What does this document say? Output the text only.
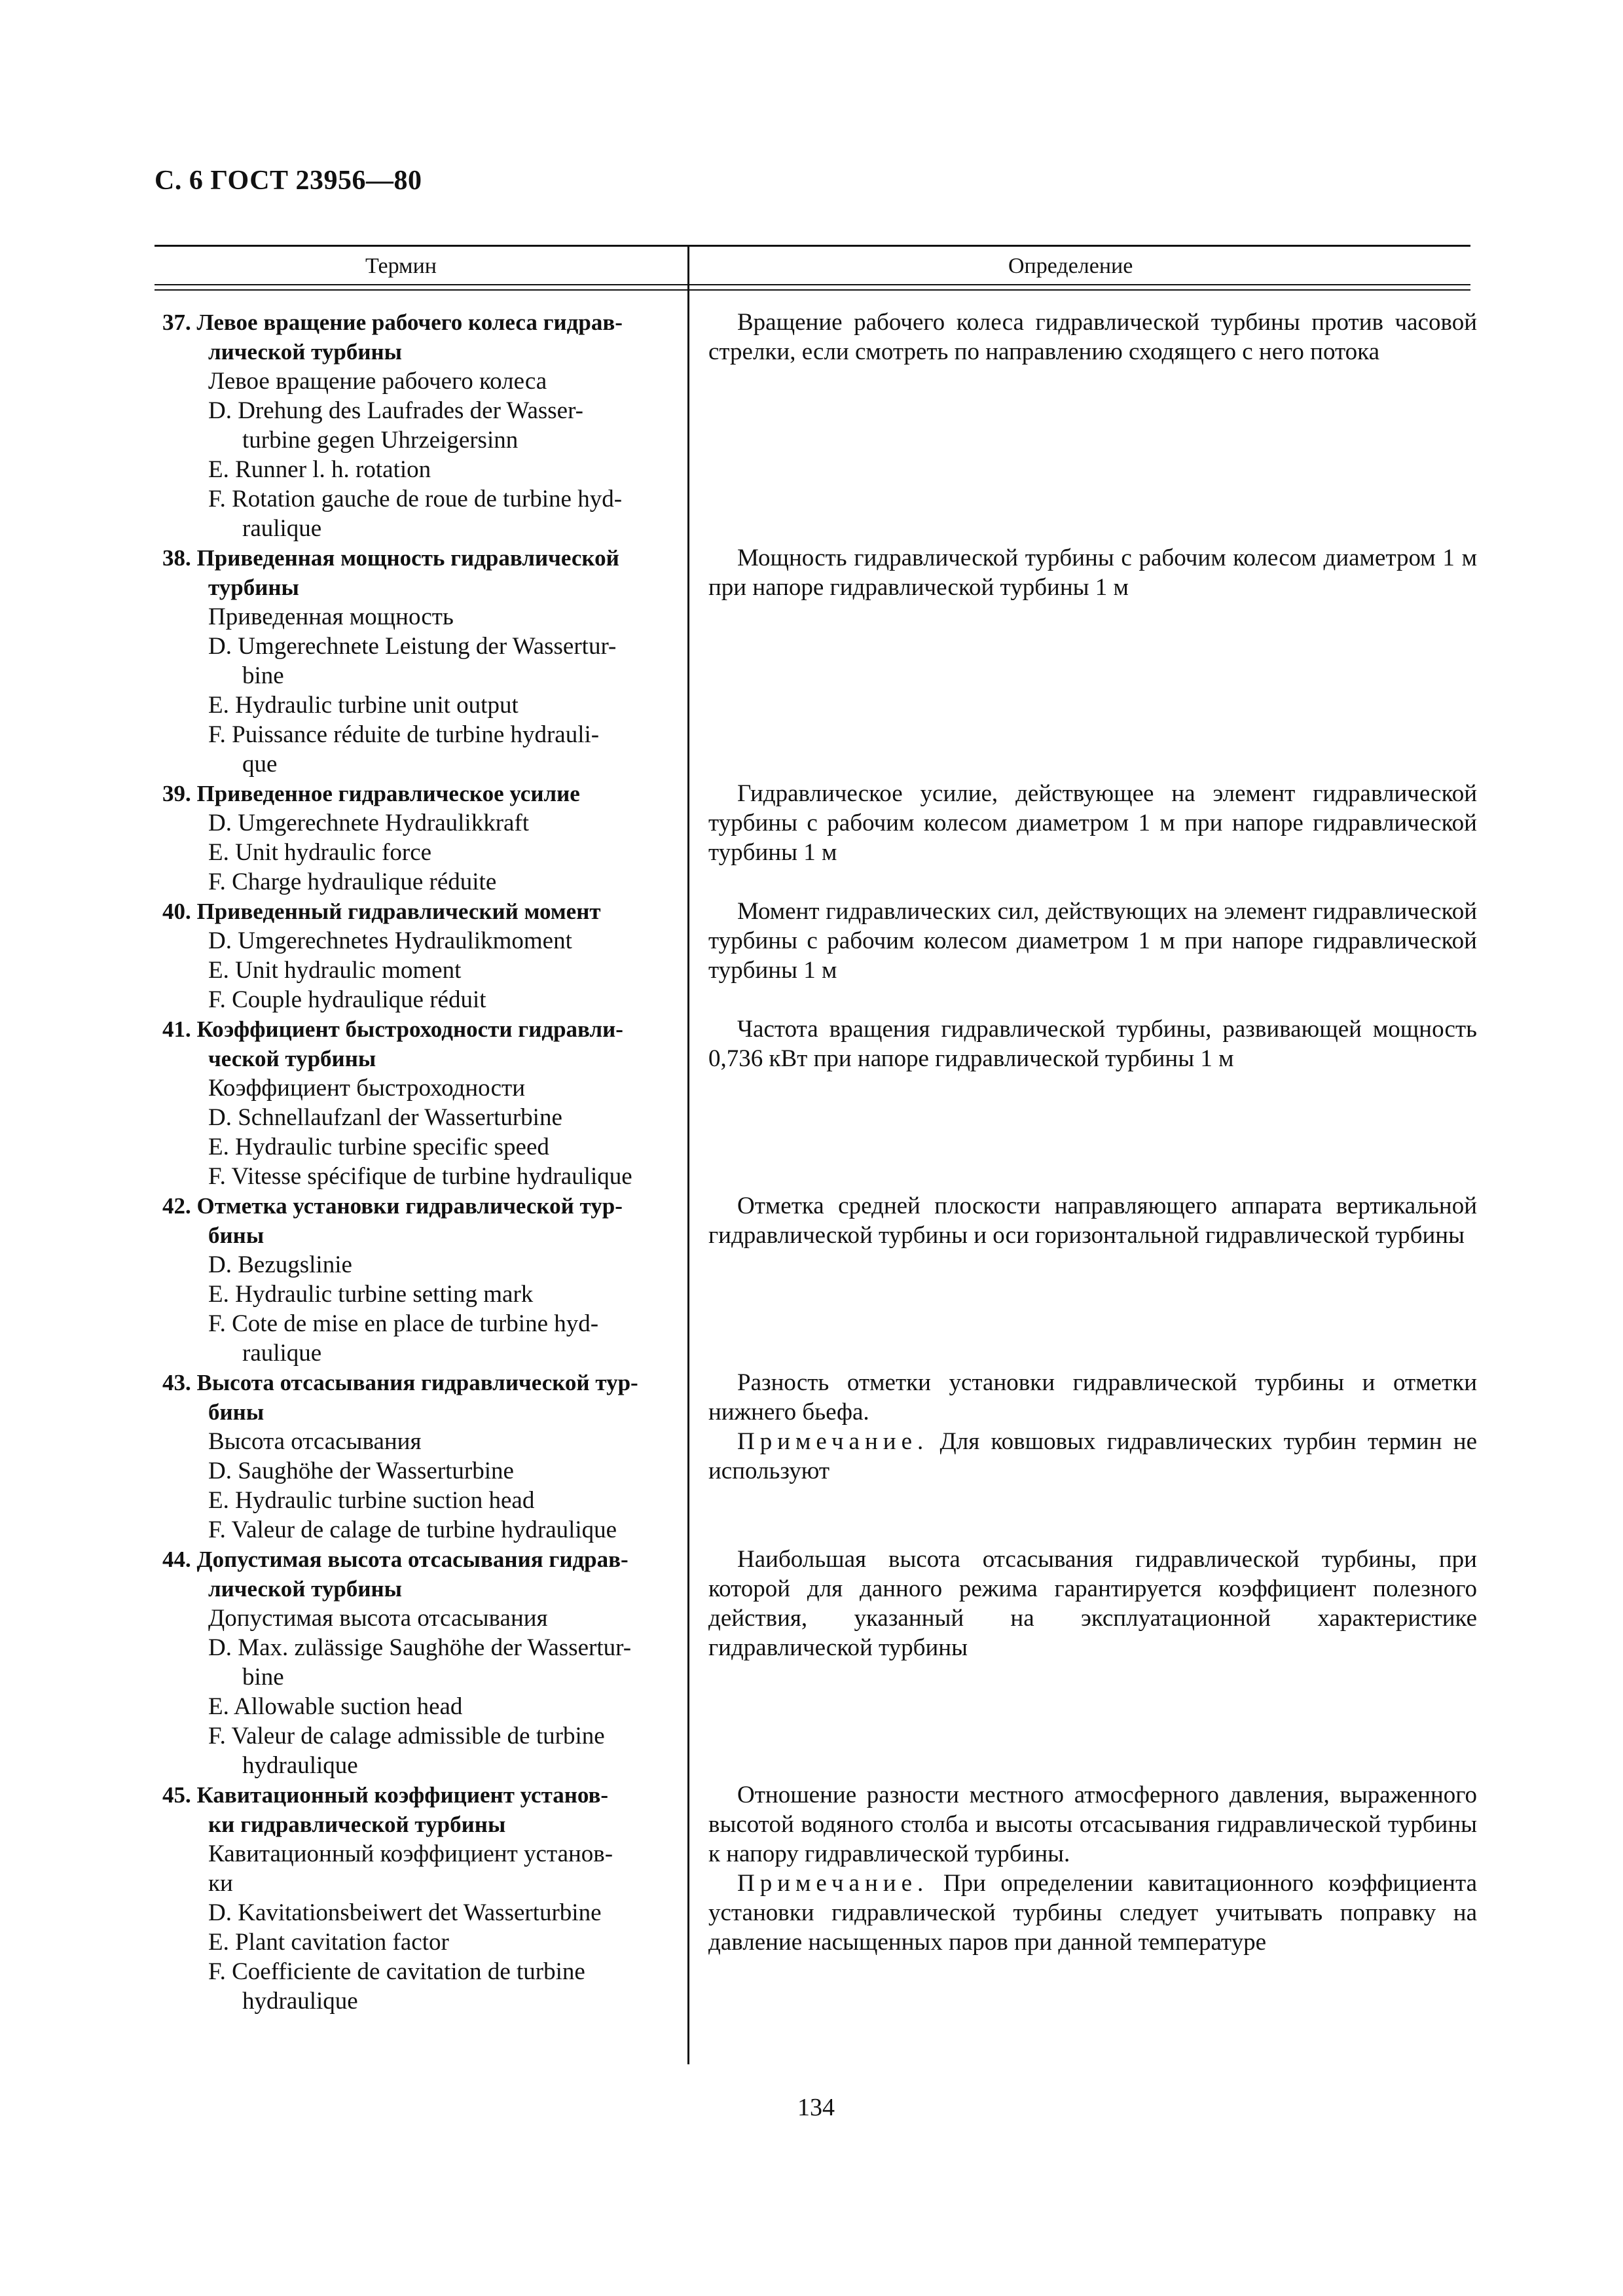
С. 6 ГОСТ 23956—80
Термин	Определение
37. Левое вращение рабочего колеса гидрав-
лической турбины
Левое вращение рабочего колеса
D. Drehung des Laufrades der Wasser-
turbine gegen Uhrzeigersinn
E. Runner l. h. rotation
F. Rotation gauche de roue de turbine hyd-
raulique
38. Приведенная мощность гидравлической
турбины
Приведенная мощность
D. Umgerechnete Leistung der Wassertur-
bine
E. Hydraulic turbine unit output
F. Puissance réduite de turbine hydrauli-
que
39. Приведенное гидравлическое усилие
D. Umgerechnete Hydraulikkraft
E. Unit hydraulic force
F. Charge hydraulique réduite
40. Приведенный гидравлический момент
D. Umgerechnetes Hydraulikmoment
E. Unit hydraulic moment
F. Couple hydraulique réduit
41. Коэффициент быстроходности гидравли-
ческой турбины
Коэффициент быстроходности
D. Schnellaufzanl der Wasserturbine
E. Hydraulic turbine specific speed
F. Vitesse spécifique de turbine hydraulique
42. Отметка установки гидравлической тур-
бины
D. Bezugslinie
E. Hydraulic turbine setting mark
F. Cote de mise en place de turbine hyd-
raulique
43. Высота отсасывания гидравлической тур-
бины
Высота отсасывания
D. Saughöhe der Wasserturbine
E. Hydraulic turbine suction head
F. Valeur de calage de turbine hydraulique
44. Допустимая высота отсасывания гидрав-
лической турбины
Допустимая высота отсасывания
D. Max. zulässige Saughöhe der Wassertur-
bine
E. Allowable suction head
F. Valeur de calage admissible de turbine
hydraulique
45. Кавитационный коэффициент установ-
ки гидравлической турбины
Кавитационный коэффициент установ-
ки
D. Kavitationsbeiwert det Wasserturbine
E. Plant cavitation factor
F. Coefficiente de cavitation de turbine
hydraulique
Вращение рабочего колеса гидравлической турбины против часовой стрелки, если смотреть по направлению сходящего с него потока
Мощность гидравлической турбины с рабочим колесом диаметром 1 м при напоре гидравлической турбины 1 м
Гидравлическое усилие, действующее на элемент гидравлической турбины с рабочим колесом диаметром 1 м при напоре гидравлической турбины 1 м
Момент гидравлических сил, действующих на элемент гидравлической турбины с рабочим колесом диаметром 1 м при напоре гидравлической турбины 1 м
Частота вращения гидравлической турбины, развивающей мощность 0,736 кВт при напоре гидравлической турбины 1 м
Отметка средней плоскости направляющего аппарата вертикальной гидравлической турбины и оси горизонтальной гидравлической турбины
Разность отметки установки гидравлической турбины и отметки нижнего бьефа.
Примечание. Для ковшовых гидравлических турбин термин не используют
Наибольшая высота отсасывания гидравлической турбины, при которой для данного режима гарантируется коэффициент полезного действия, указанный на эксплуатационной характеристике гидравлической турбины
Отношение разности местного атмосферного давления, выраженного высотой водяного столба и высоты отсасывания гидравлической турбины к напору гидравлической турбины.
Примечание. При определении кавитационного коэффициента установки гидравлической турбины следует учитывать поправку на давление насыщенных паров при данной температуре
134
